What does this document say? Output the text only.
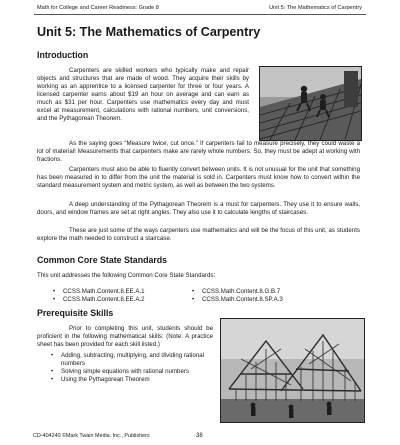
Math for College and Career Readiness: Grade 8	Unit 5: The Mathematics of Carpentry
Unit 5: The Mathematics of Carpentry
Introduction

Carpenters are skilled workers who typically make and repair objects and structures that are made of wood. They acquire their skills by working as an apprentice to a licensed carpenter for three or four years. A licensed carpenter earns about $19 an hour on average and can earn as much as $31 per hour. Carpenters use mathematics every day and must excel at measurement, calculations with rational numbers, unit conversions, and the Pythagorean Theorem.

As the saying goes “Measure twice, cut once.” If carpenters fail to measure precisely, they could waste a lot of material! Measurements that carpenters make are rarely whole numbers. So, they must be adept at working with fractions.

Carpenters must also be able to fluently convert between units. It is not unusual for the unit that something has been measured in to differ from the unit the material is sold in. Carpenters must know how to convert within the standard measurement system and metric system, as well as between the two systems.

A deep understanding of the Pythagorean Theorem is a must for carpenters. They use it to ensure walls, doors, and window frames are set at right angles. They also use it to calculate lengths of staircases.

These are just some of the ways carpenters use mathematics and will be the focus of this unit, as students explore the math needed to construct a staircase.

Common Core State Standards

This unit addresses the following Common Core State Standards:

• CCSS.Math.Content.8.EE.A.1
• CCSS.Math.Content.8.EE.A.2
• CCSS.Math.Content.8.G.B.7
• CCSS.Math.Content.8.SP.A.3
Prerequisite Skills

Prior to completing this unit, students should be proficient in the following mathematical skills: (Note: A practice sheet has been provided for each skill listed.)

• Adding, subtracting, multiplying, and dividing rational numbers
• Solving simple equations with rational numbers
• Using the Pythagorean Theorem
CD-404240 ©Mark Twain Media, Inc., Publishers	38
